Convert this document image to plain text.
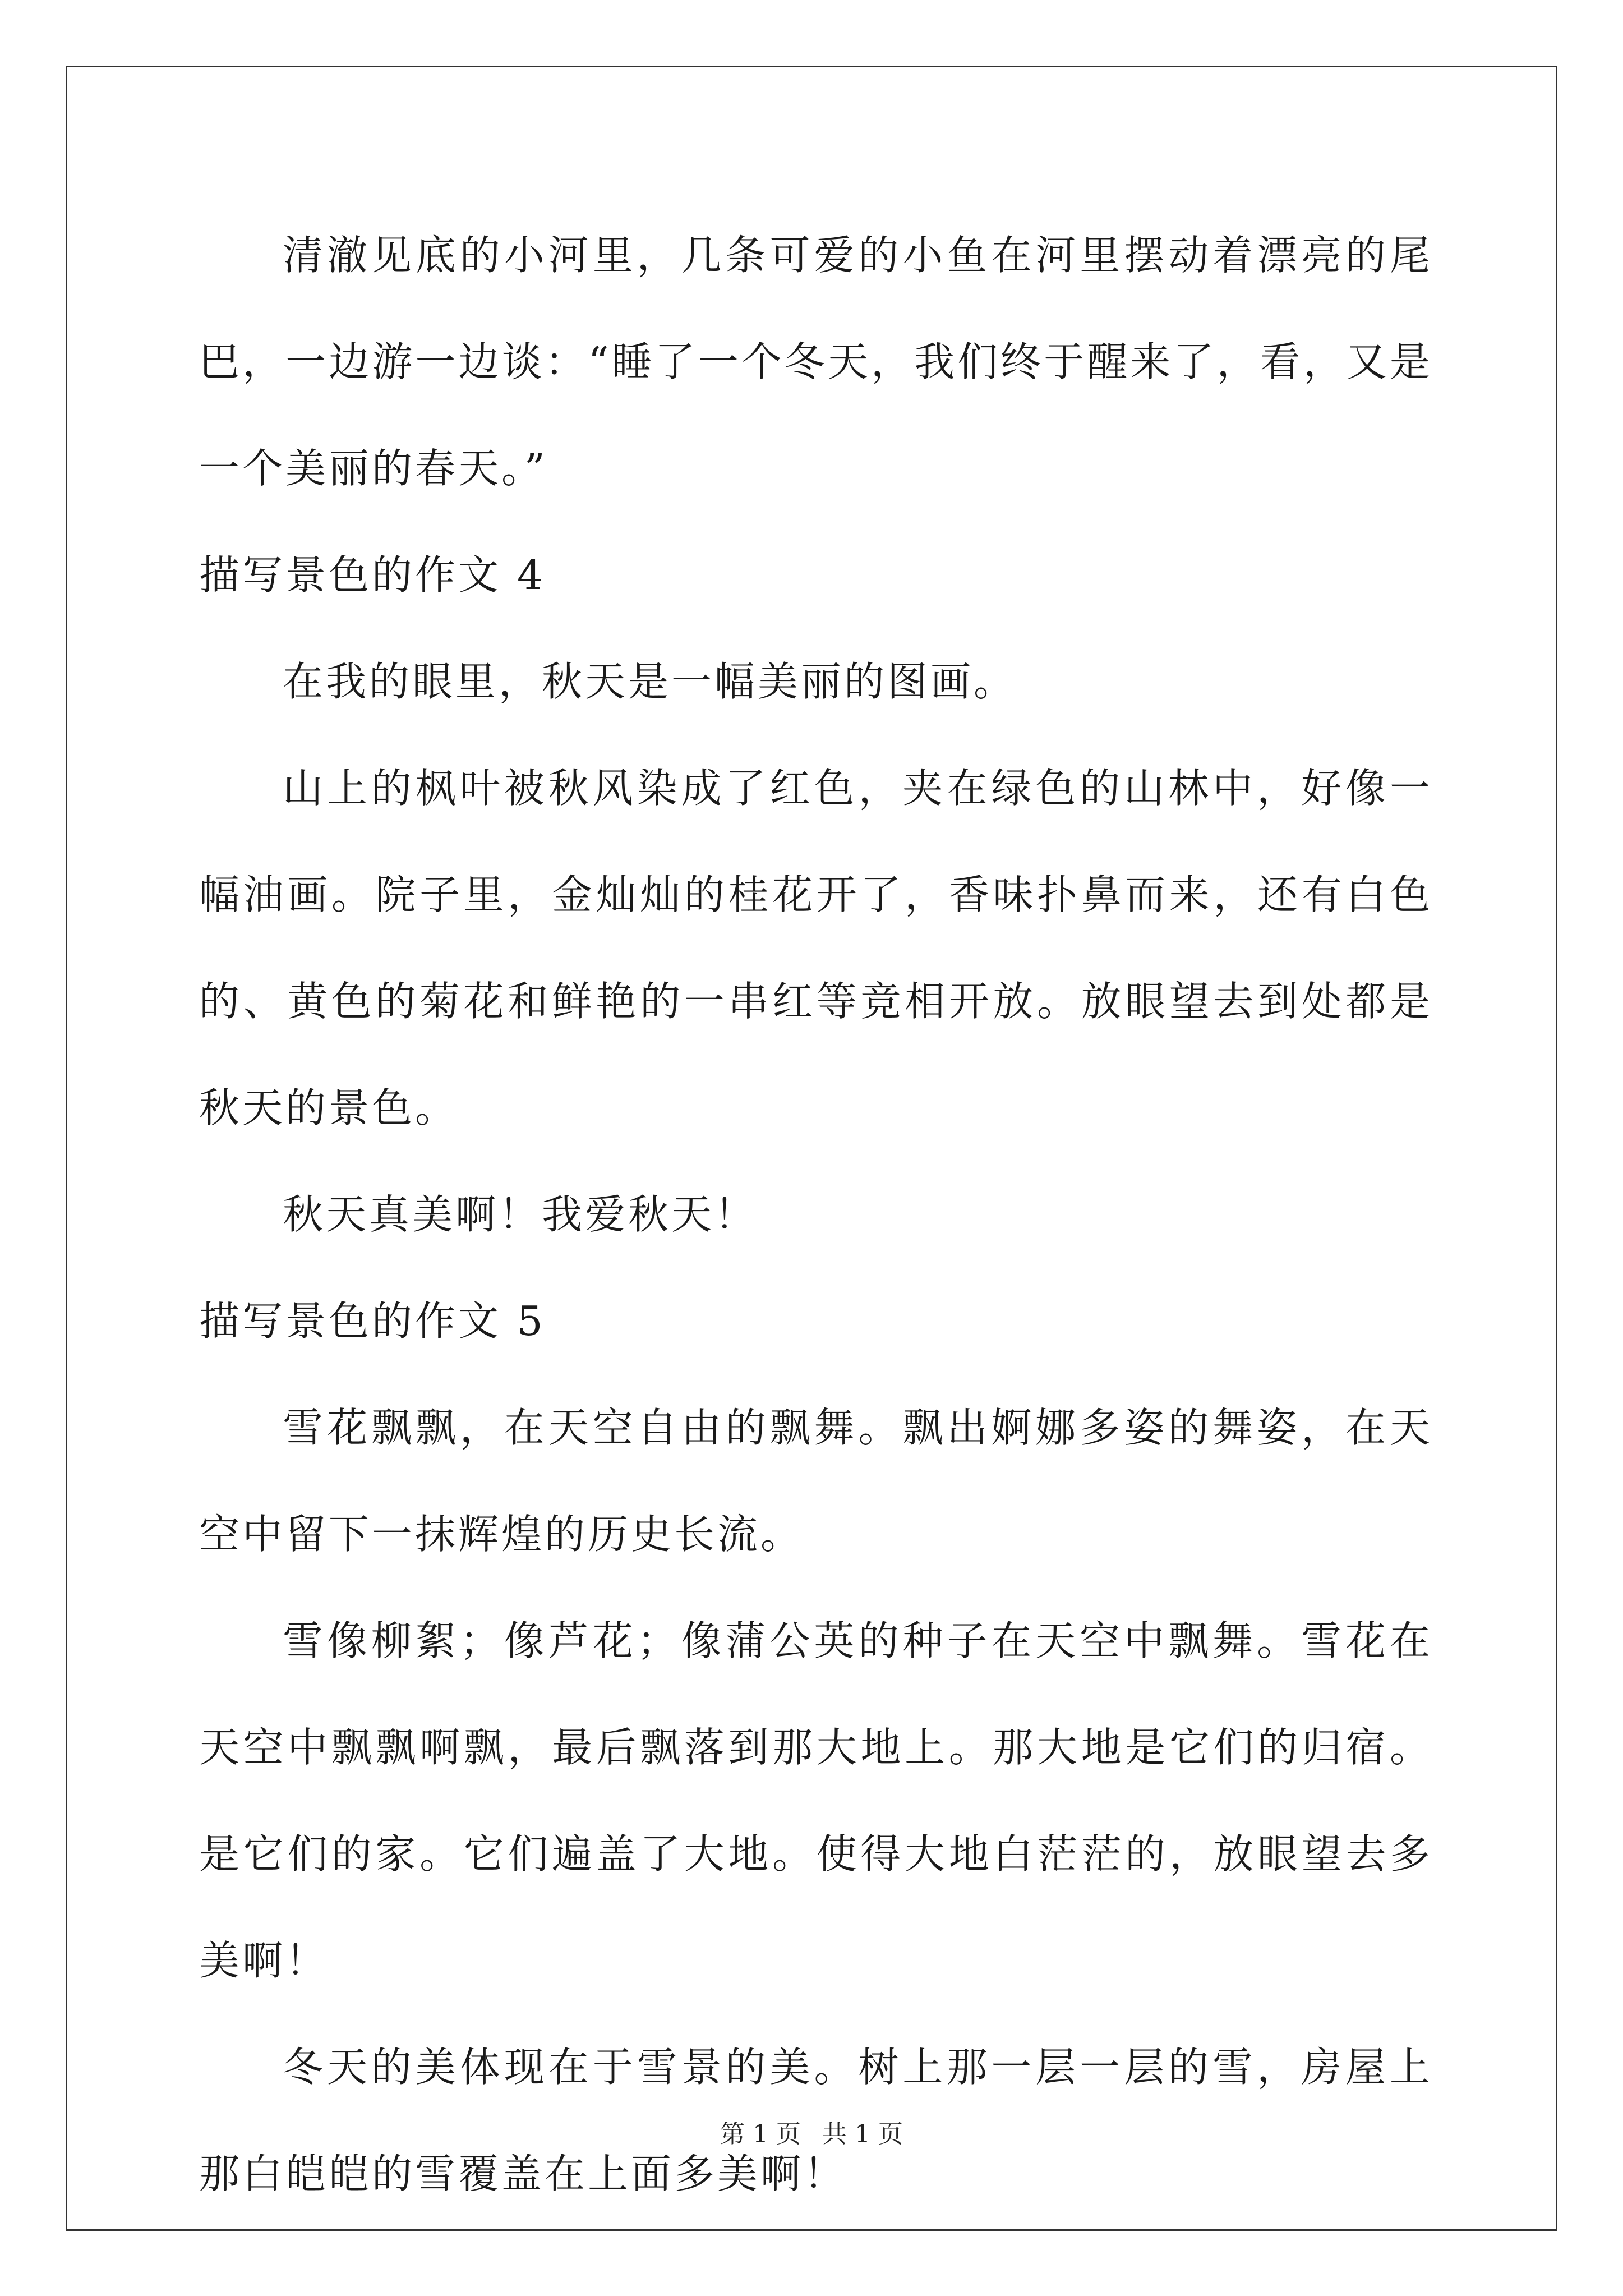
清澈见底的小河里，几条可爱的小鱼在河里摆动着漂亮的尾巴，一边游一边谈：“睡了一个冬天，我们终于醒来了，看，又是一个美丽的春天。”

描写景色的作文 4

在我的眼里，秋天是一幅美丽的图画。

山上的枫叶被秋风染成了红色，夹在绿色的山林中，好像一幅油画。院子里，金灿灿的桂花开了，香味扑鼻而来，还有白色的、黄色的菊花和鲜艳的一串红等竞相开放。放眼望去到处都是秋天的景色。

秋天真美啊！我爱秋天！

描写景色的作文 5

雪花飘飘，在天空自由的飘舞。飘出婀娜多姿的舞姿，在天空中留下一抹辉煌的历史长流。

雪像柳絮；像芦花；像蒲公英的种子在天空中飘舞。雪花在天空中飘飘啊飘，最后飘落到那大地上。那大地是它们的归宿。是它们的家。它们遍盖了大地。使得大地白茫茫的，放眼望去多美啊！

冬天的美体现在于雪景的美。树上那一层一层的雪，房屋上那白皑皑的雪覆盖在上面多美啊！

第 1 页 共 1 页
